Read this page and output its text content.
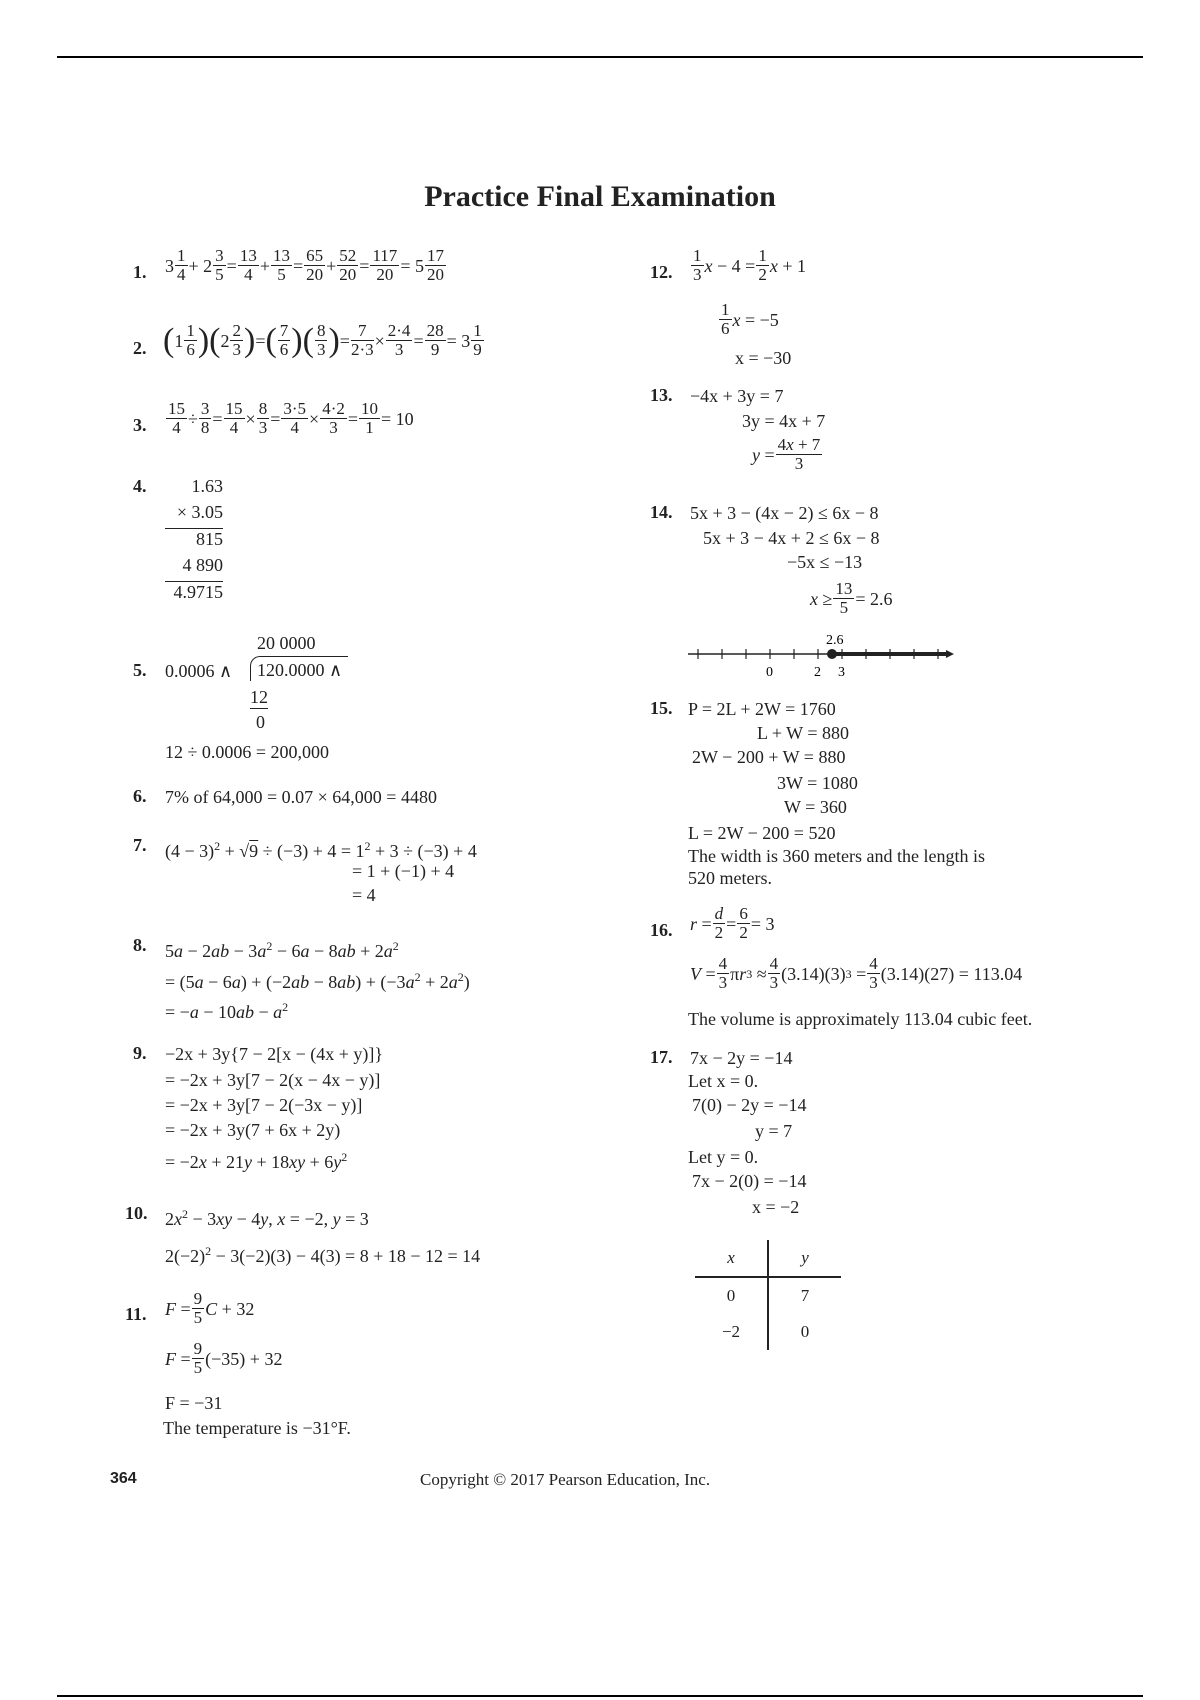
Practice Final Examination
1. 3 1
4 + 2 3
5 = 13
4 + 13
5 = 65
20 + 52
20 = 117
20 = 5 17
20
2. ( 1 1
6 )( 2 2
3 ) = ( 7
6 )( 8
3 ) = 7
2·3 × 2·4
3 = 28
9 = 3 1
9
3.
15
4 ÷ 3
8 = 15
4 × 8
3 = 3·5
4 × 4·2
3 = 10
1 = 10
4.	1.63
× 3.05
815
4 890
4.9715
5.
20 0000
0.0006 ∧	120.0000 ∧
12
0
12 ÷ 0.0006 = 200,000
6. 7% of 64,000 = 0.07 × 64,000 = 4480
7. $(4 - 3)^2 + √9 \div (-3) + 4 = 1^2 + 3 \div (-3) + 4$
= 1 + (−1) + 4
= 4
8. $5a - 2ab - 3a^2 - 6a - 8ab + 2a^2$
= $(5a - 6a) + (-2ab - 8ab) + (-3a^2 + 2a^2)$
= $-a - 10ab - a^2$
9. −2x + 3y{7 − 2[x − (4x + y)]}
= −2x + 3y[7 − 2(x − 4x − y)]
= −2x + 3y[7 − 2(−3x − y)]
= −2x + 3y(7 + 6x + 2y)
= $-2x + 21y + 18xy + 6y^2$
10. $2x^2 - 3xy - 4y$, x = −2, y = 3
$2(-2)^2 - 3(-2)(3) - 4(3) = 8 + 18 - 12 = 14$
11. F = 9
5 C + 32
F = 9
5 (−35) + 32
F = −31
The temperature is −31°F.
12.
1
3 x − 4 = 1
2 x + 1
1
6 x = −5
x = −30
13. −4x + 3y = 7
3y = 4x + 7
y = 4x + 7
3
14. 5x + 3 − (4x − 2) ≤ 6x − 8
5x + 3 − 4x + 2 ≤ 6x − 8
−5x ≤ −13
x ≥ 13
5 = 2.6
2.6
0	2 3
15. P = 2L + 2W = 1760
L + W = 880
2W − 200 + W = 880
3W = 1080
W = 360
L = 2W − 200 = 520
The width is 360 meters and the length is
520 meters.
16. r = d
2 = 6
2 = 3
V = 4
3 π r 3 ≈ 4
3 (3.14)(3) 3 = 4
3 (3.14)(27) = 113.04
The volume is approximately 113.04 cubic feet.
17. 7x − 2y = −14
Let x = 0.
7(0) − 2y = −14
y = 7
Let y = 0.
7x − 2(0) = −14
x = −2
x	y
0	7
−2	0
364	Copyright © 2017 Pearson Education, Inc.
